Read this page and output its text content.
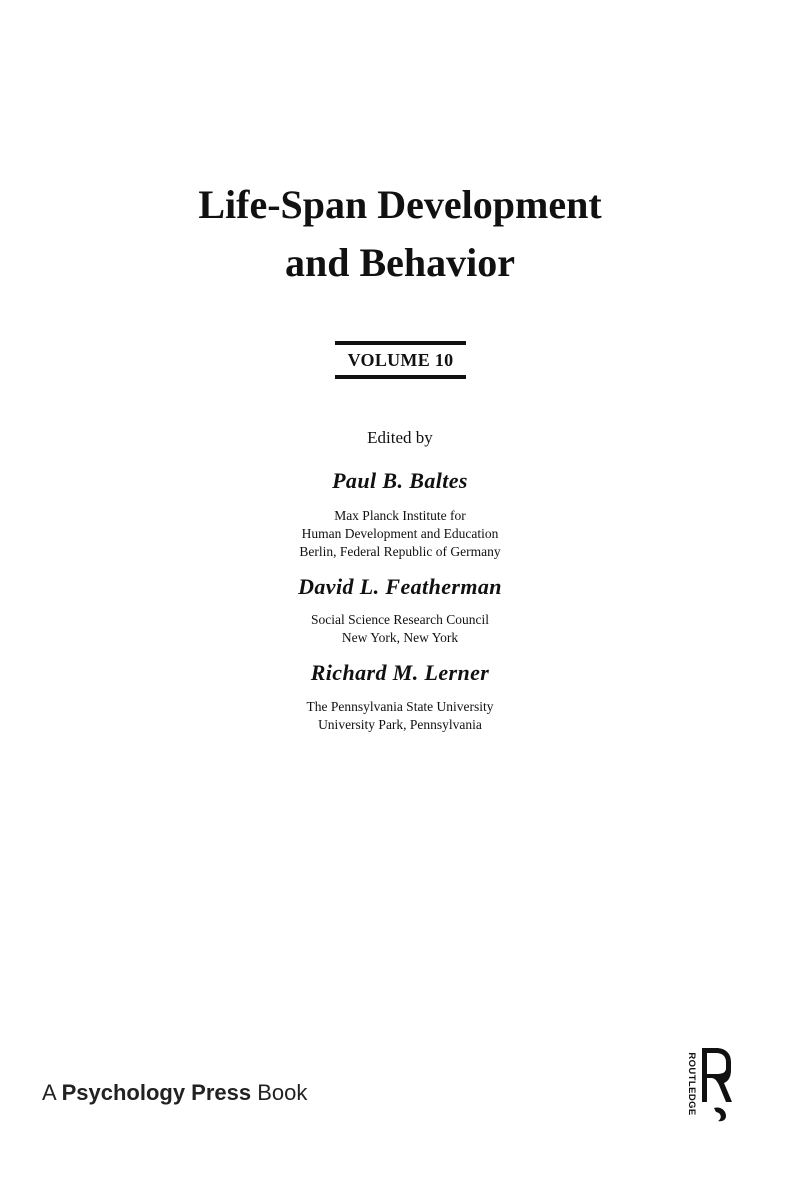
Life-Span Development
and Behavior
VOLUME 10
Edited by
Paul B. Baltes
Max Planck Institute for
Human Development and Education
Berlin, Federal Republic of Germany
David L. Featherman
Social Science Research Council
New York, New York
Richard M. Lerner
The Pennsylvania State University
University Park, Pennsylvania
A Psychology Press Book	ROUTLEDGE
